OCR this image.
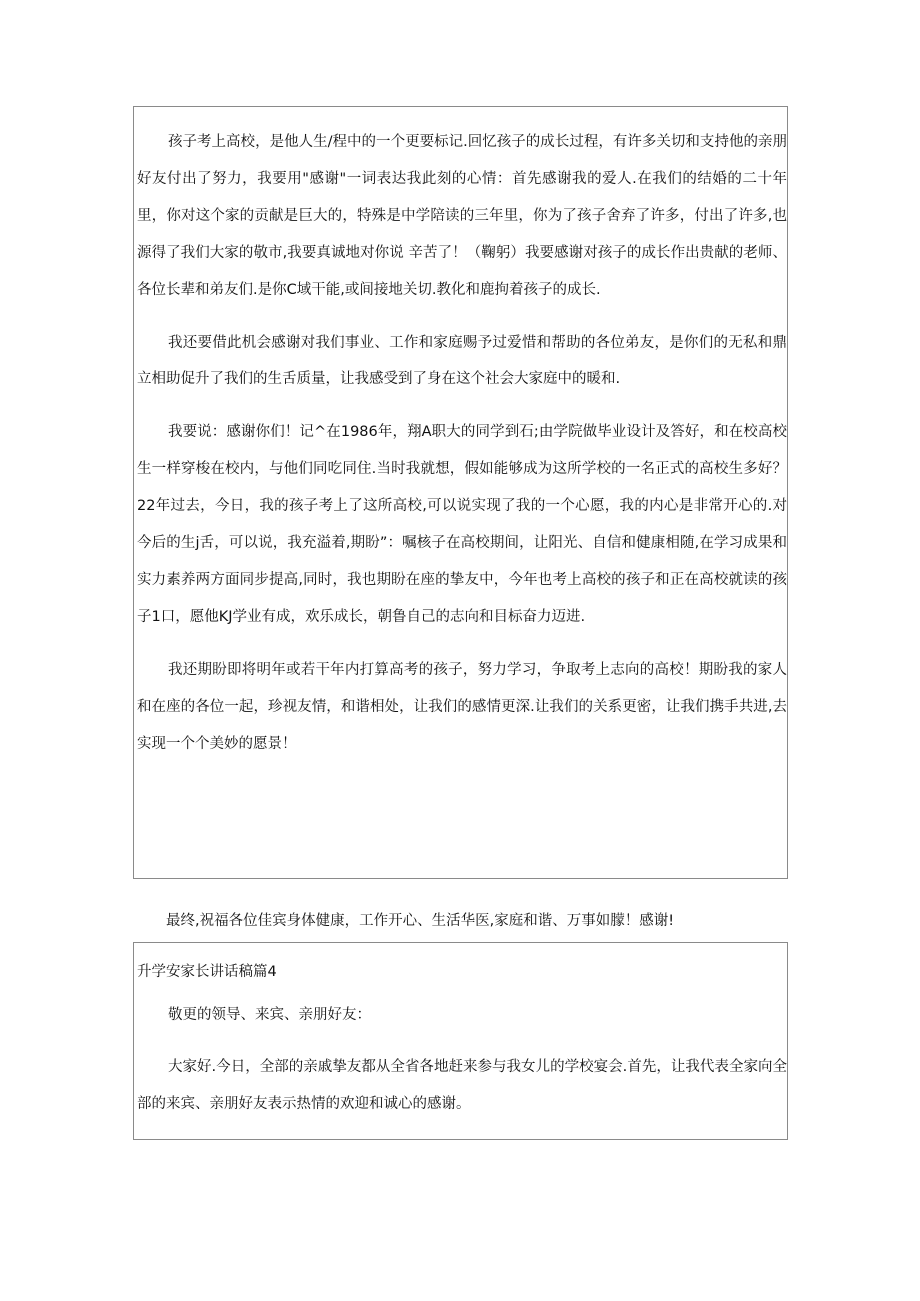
孩子考上高校，是他人生/程中的一个更要标记.回忆孩子的成长过程，有许多关切和支持他的亲朋好友付出了努力，我要用"感谢"一词表达我此刻的心情：首先感谢我的爱人.在我们的结婚的二十年里，你对这个家的贡献是巨大的，特殊是中学陪读的三年里，你为了孩子舍弃了许多，付出了许多,也源得了我们大家的敬市,我要真诚地对你说 辛苦了！（鞠躬）我要感谢对孩子的成长作出贵献的老师、各位长辈和弟友们.是你C域干能,或间接地关切.教化和鹿拘着孩子的成长.

我还要借此机会感谢对我们事业、工作和家庭赐予过爱惜和帮助的各位弟友，是你们的无私和鼎立相助促升了我们的生舌质量，让我感受到了身在这个社会大家庭中的暖和.

我要说：感谢你们！记^在1986年，翔A职大的同学到石;由学院做毕业设计及答好，和在校高校生一样穿梭在校内，与他们同吃同住.当时我就想，假如能够成为这所学校的一名正式的高校生多好？22年过去，今日，我的孩子考上了这所高校,可以说实现了我的一个心愿，我的内心是非常开心的.对今后的生j舌，可以说，我充溢着,期盼”：嘱核子在高校期间，让阳光、自信和健康相随,在学习成果和实力素养两方面同步提高,同时，我也期盼在座的挚友中，今年也考上高校的孩子和正在高校就读的孩子1口，愿他KJ学业有成，欢乐成长，朝鲁自己的志向和目标奋力迈进.

我还期盼即将明年或若干年内打算高考的孩子，努力学习，争取考上志向的高校！期盼我的家人和在座的各位一起，珍视友情，和谐相处，让我们的感情更深.让我们的关系更密，让我们携手共进,去实现一个个美妙的愿景！

最终,祝福各位佳宾身体健康，工作开心、生活华医,家庭和谐、万事如朦！感谢!

升学安家长讲话稿篇4

敬更的领导、来宾、亲朋好友：

大家好.今日，全部的亲戚挚友都从全省各地赶来参与我女儿的学校宴会.首先，让我代表全家向全部的来宾、亲朋好友表示热情的欢迎和诚心的感谢。
